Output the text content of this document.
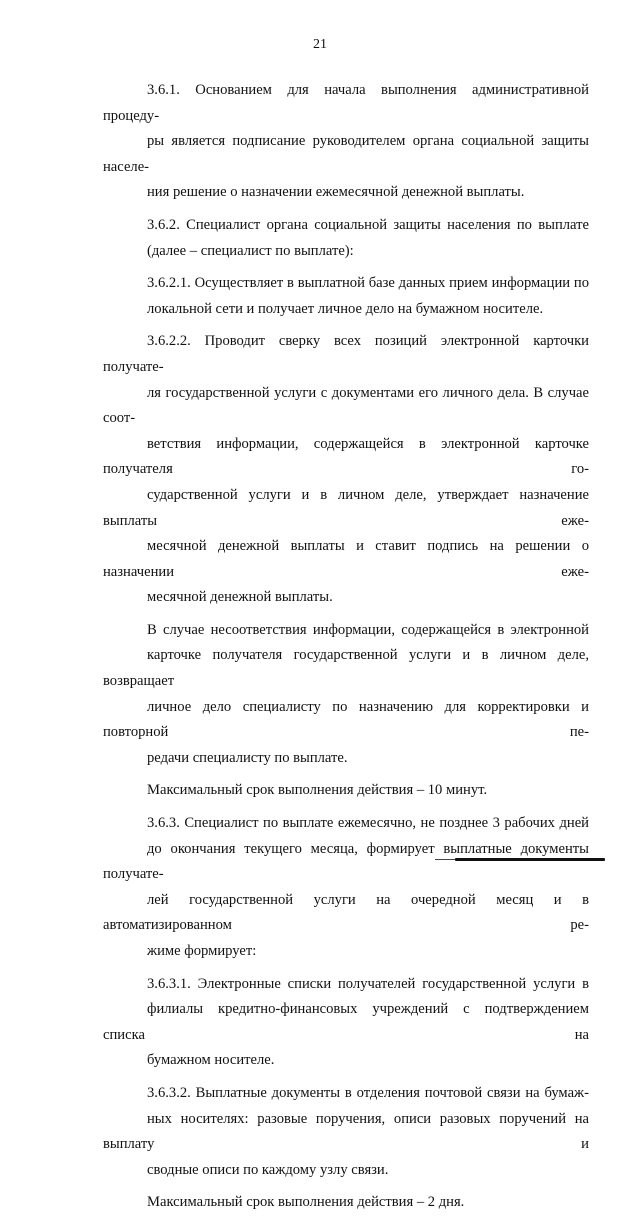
21
3.6.1. Основанием для начала выполнения административной процеду-
ры является подписание руководителем органа социальной защиты населе-
ния решение о назначении ежемесячной денежной выплаты.
3.6.2. Специалист органа социальной защиты населения по выплате
(далее – специалист по выплате):
3.6.2.1. Осуществляет в выплатной базе данных прием информации по
локальной сети и получает личное дело на бумажном носителе.
3.6.2.2. Проводит сверку всех позиций электронной карточки получате-
ля государственной услуги с документами его личного дела. В случае соот-
ветствия информации, содержащейся в электронной карточке получателя го-
сударственной услуги и в личном деле, утверждает назначение выплаты еже-
месячной денежной выплаты и ставит подпись на решении о назначении еже-
месячной денежной выплаты.
В случае несоответствия информации, содержащейся в электронной
карточке получателя государственной услуги и в личном деле, возвращает
личное дело специалисту по назначению для корректировки и повторной пе-
редачи специалисту по выплате.
Максимальный срок выполнения действия – 10 минут.
3.6.3. Специалист по выплате ежемесячно, не позднее 3 рабочих дней
до окончания текущего месяца, формирует выплатные документы получате-
лей государственной услуги на очередной месяц и в автоматизированном ре-
жиме формирует:
3.6.3.1. Электронные списки получателей государственной услуги в
филиалы кредитно-финансовых учреждений с подтверждением списка на
бумажном носителе.
3.6.3.2. Выплатные документы в отделения почтовой связи на бумаж-
ных носителях: разовые поручения, описи разовых поручений на выплату и
сводные описи по каждому узлу связи.
Максимальный срок выполнения действия – 2 дня.
